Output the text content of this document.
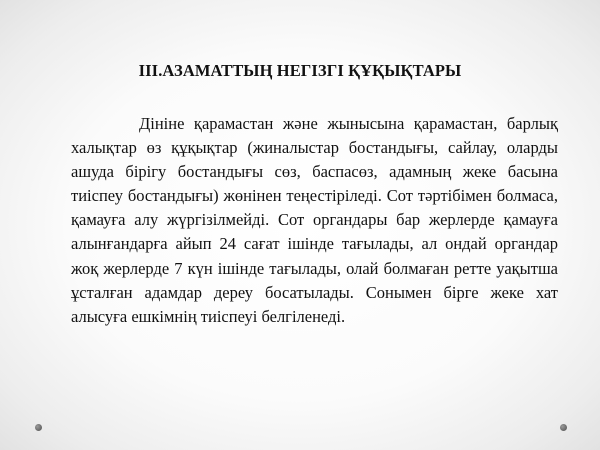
ІІІ.АЗАМАТТЫҢ НЕГІЗГІ ҚҰҚЫҚТАРЫ

Дініне қарамастан және жынысына қарамастан, барлық халықтар өз құқықтар (жиналыстар бостандығы, сайлау, оларды ашуда бірігу бостандығы сөз, баспасөз, адамның жеке басына тиіспеу бостандығы) жөнінен теңестіріледі. Сот тәртібімен болмаса, қамауға алу жүргізілмейді. Сот органдары бар жерлерде қамауға алынғандарға айып 24 сағат ішінде тағылады, ал ондай органдар жоқ жерлерде 7 күн ішінде тағылады, олай болмаған ретте уақытша ұсталған адамдар дереу босатылады. Сонымен бірге жеке хат алысуға ешкімнің тиіспеуі белгіленеді.
